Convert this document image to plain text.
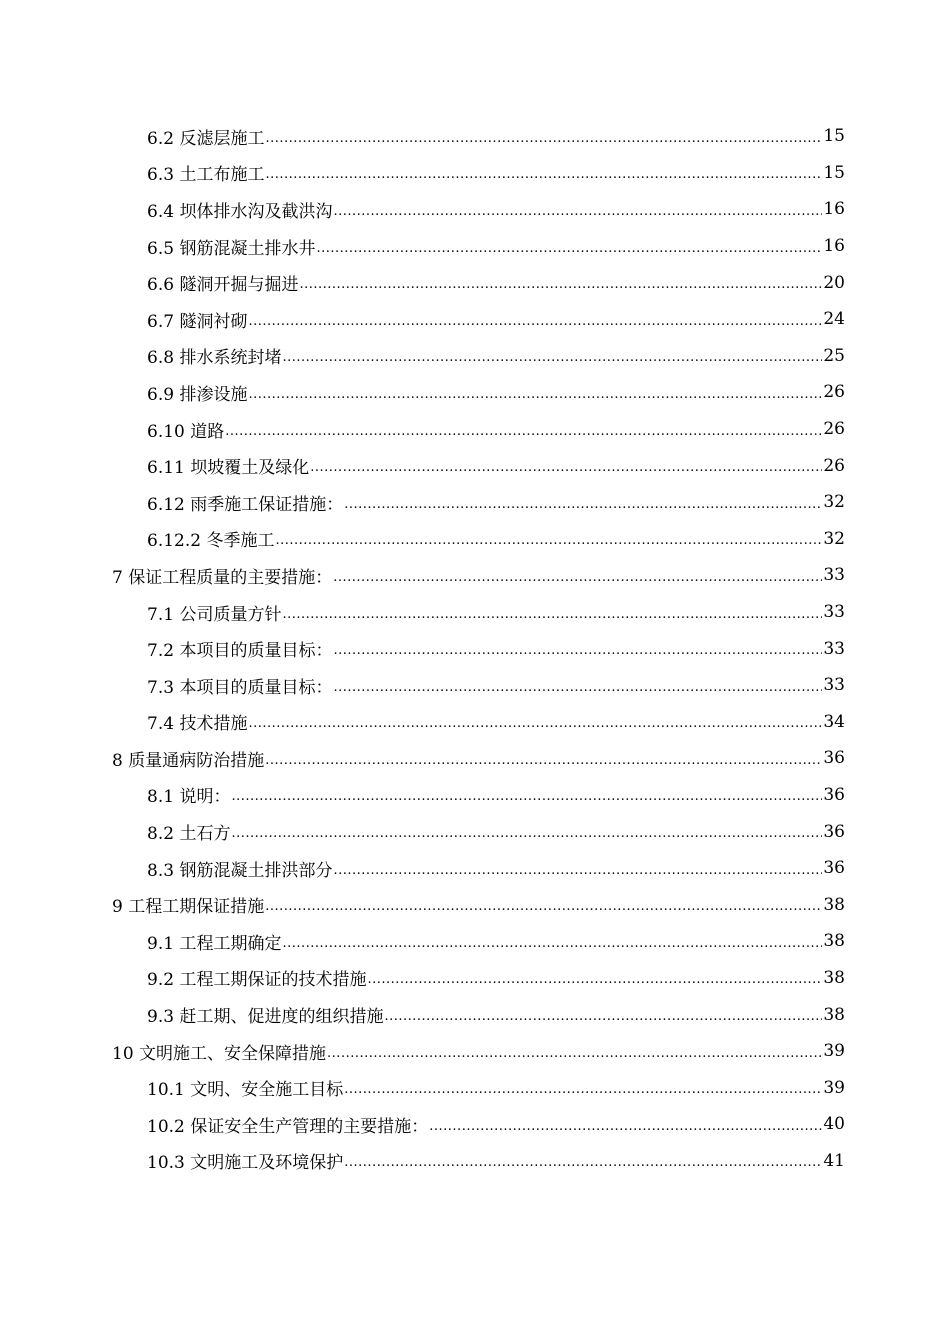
6.2 反滤层施工 .....	15
6.3 土工布施工 .....	15
6.4 坝体排水沟及截洪沟 .....	16
6.5 钢筋混凝土排水井 .....	16
6.6 隧洞开掘与掘进 .....	20
6.7 隧洞衬砌 .....	24
6.8 排水系统封堵 .....	25
6.9 排渗设施 .....	26
6.10 道路 .....	26
6.11 坝坡覆土及绿化 .....	26
6.12 雨季施工保证措施： .....	32
6.12.2 冬季施工 .....	32
7 保证工程质量的主要措施： .....	33
7.1 公司质量方针 .....	33
7.2 本项目的质量目标： .....	33
7.3 本项目的质量目标： .....	33
7.4 技术措施 .....	34
8 质量通病防治措施 .....	36
8.1 说明： .....	36
8.2 土石方 .....	36
8.3 钢筋混凝土排洪部分 .....	36
9 工程工期保证措施 .....	38
9.1 工程工期确定 .....	38
9.2 工程工期保证的技术措施 .....	38
9.3 赶工期、促进度的组织措施 .....	38
10 文明施工、安全保障措施 .....	39
10.1 文明、安全施工目标 .....	39
10.2 保证安全生产管理的主要措施： .....	40
10.3 文明施工及环境保护 .....	41
